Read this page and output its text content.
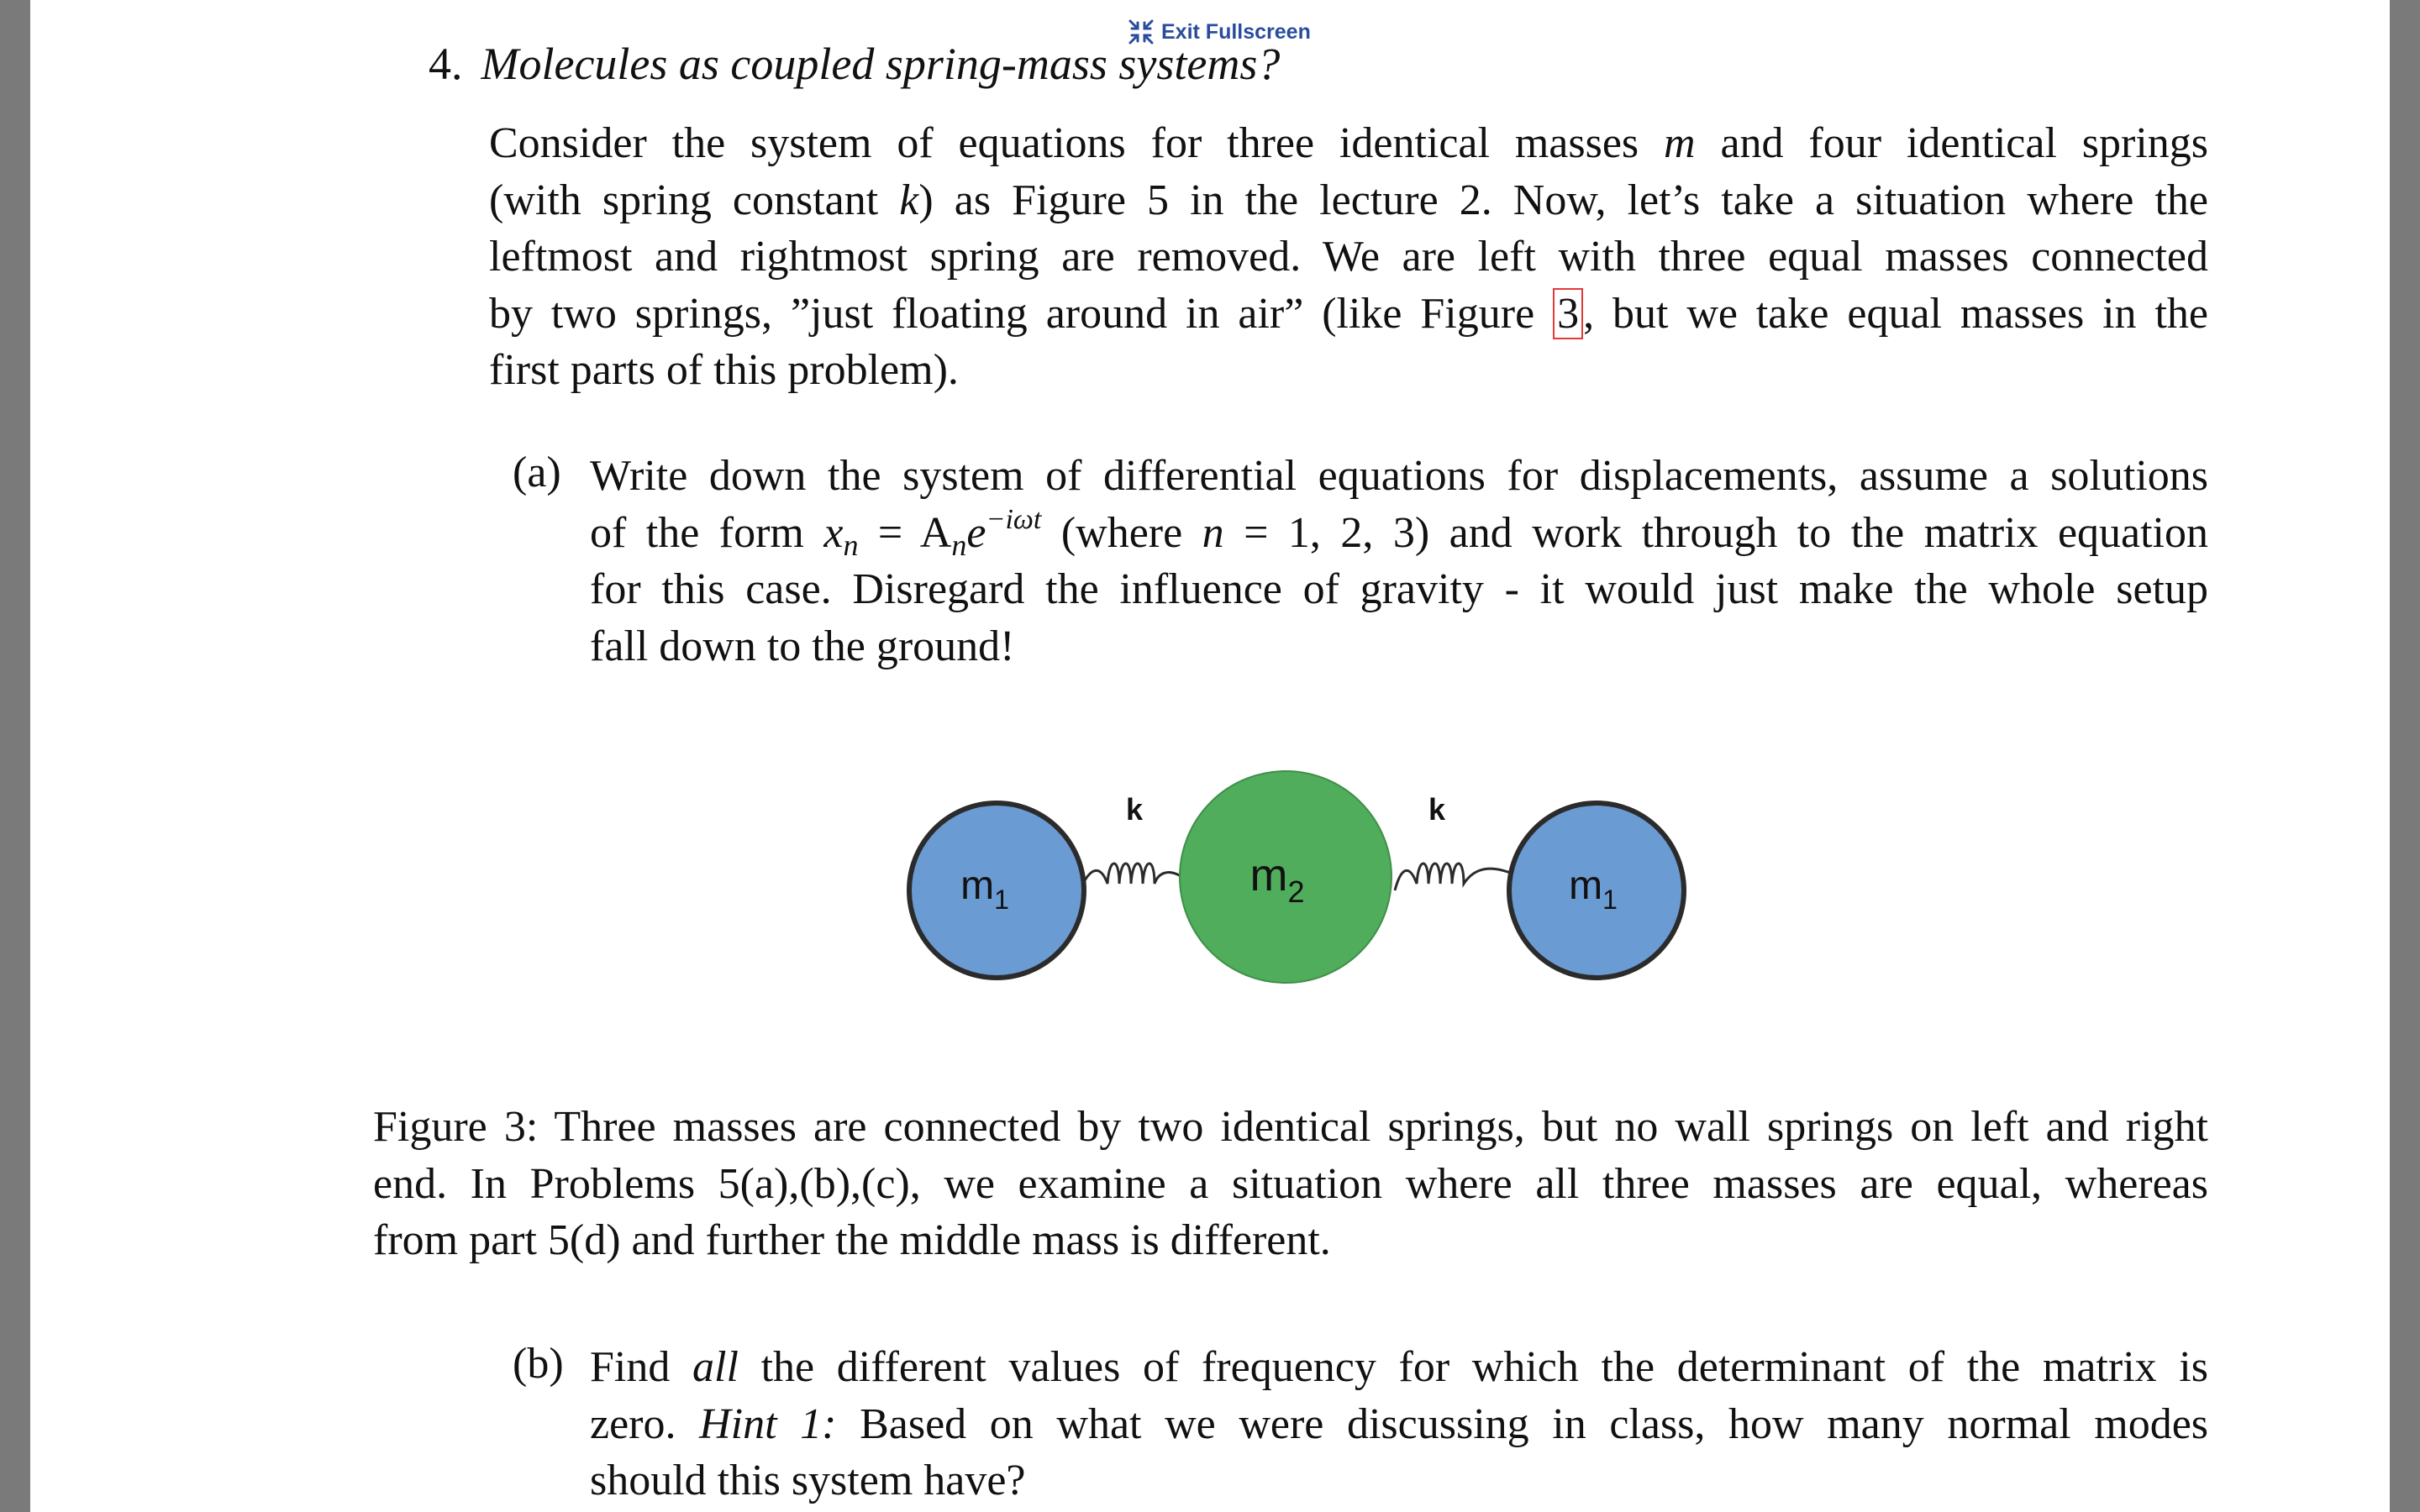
Exit Fullscreen
4. Molecules as coupled spring-mass systems?
Consider the system of equations for three identical masses m and four identical springs
(with spring constant k) as Figure 5 in the lecture 2. Now, let’s take a situation where the
leftmost and rightmost spring are removed. We are left with three equal masses connected
by two springs, ”just floating around in air” (like Figure 3, but we take equal masses in the
first parts of this problem).
(a) Write down the system of differential equations for displacements, assume a solutions
of the form $x_n = A_ne^{-i\omega t}$ (where n = 1, 2, 3) and work through to the matrix equation
for this case. Disregard the influence of gravity - it would just make the whole setup
fall down to the ground!
k	k
$m_1$	$m_2$	$m_1$
Figure 3: Three masses are connected by two identical springs, but no wall springs on left and right
end. In Problems 5(a),(b),(c), we examine a situation where all three masses are equal, whereas
from part 5(d) and further the middle mass is different.
(b) Find all the different values of frequency for which the determinant of the matrix is
zero. Hint 1: Based on what we were discussing in class, how many normal modes
should this system have?
